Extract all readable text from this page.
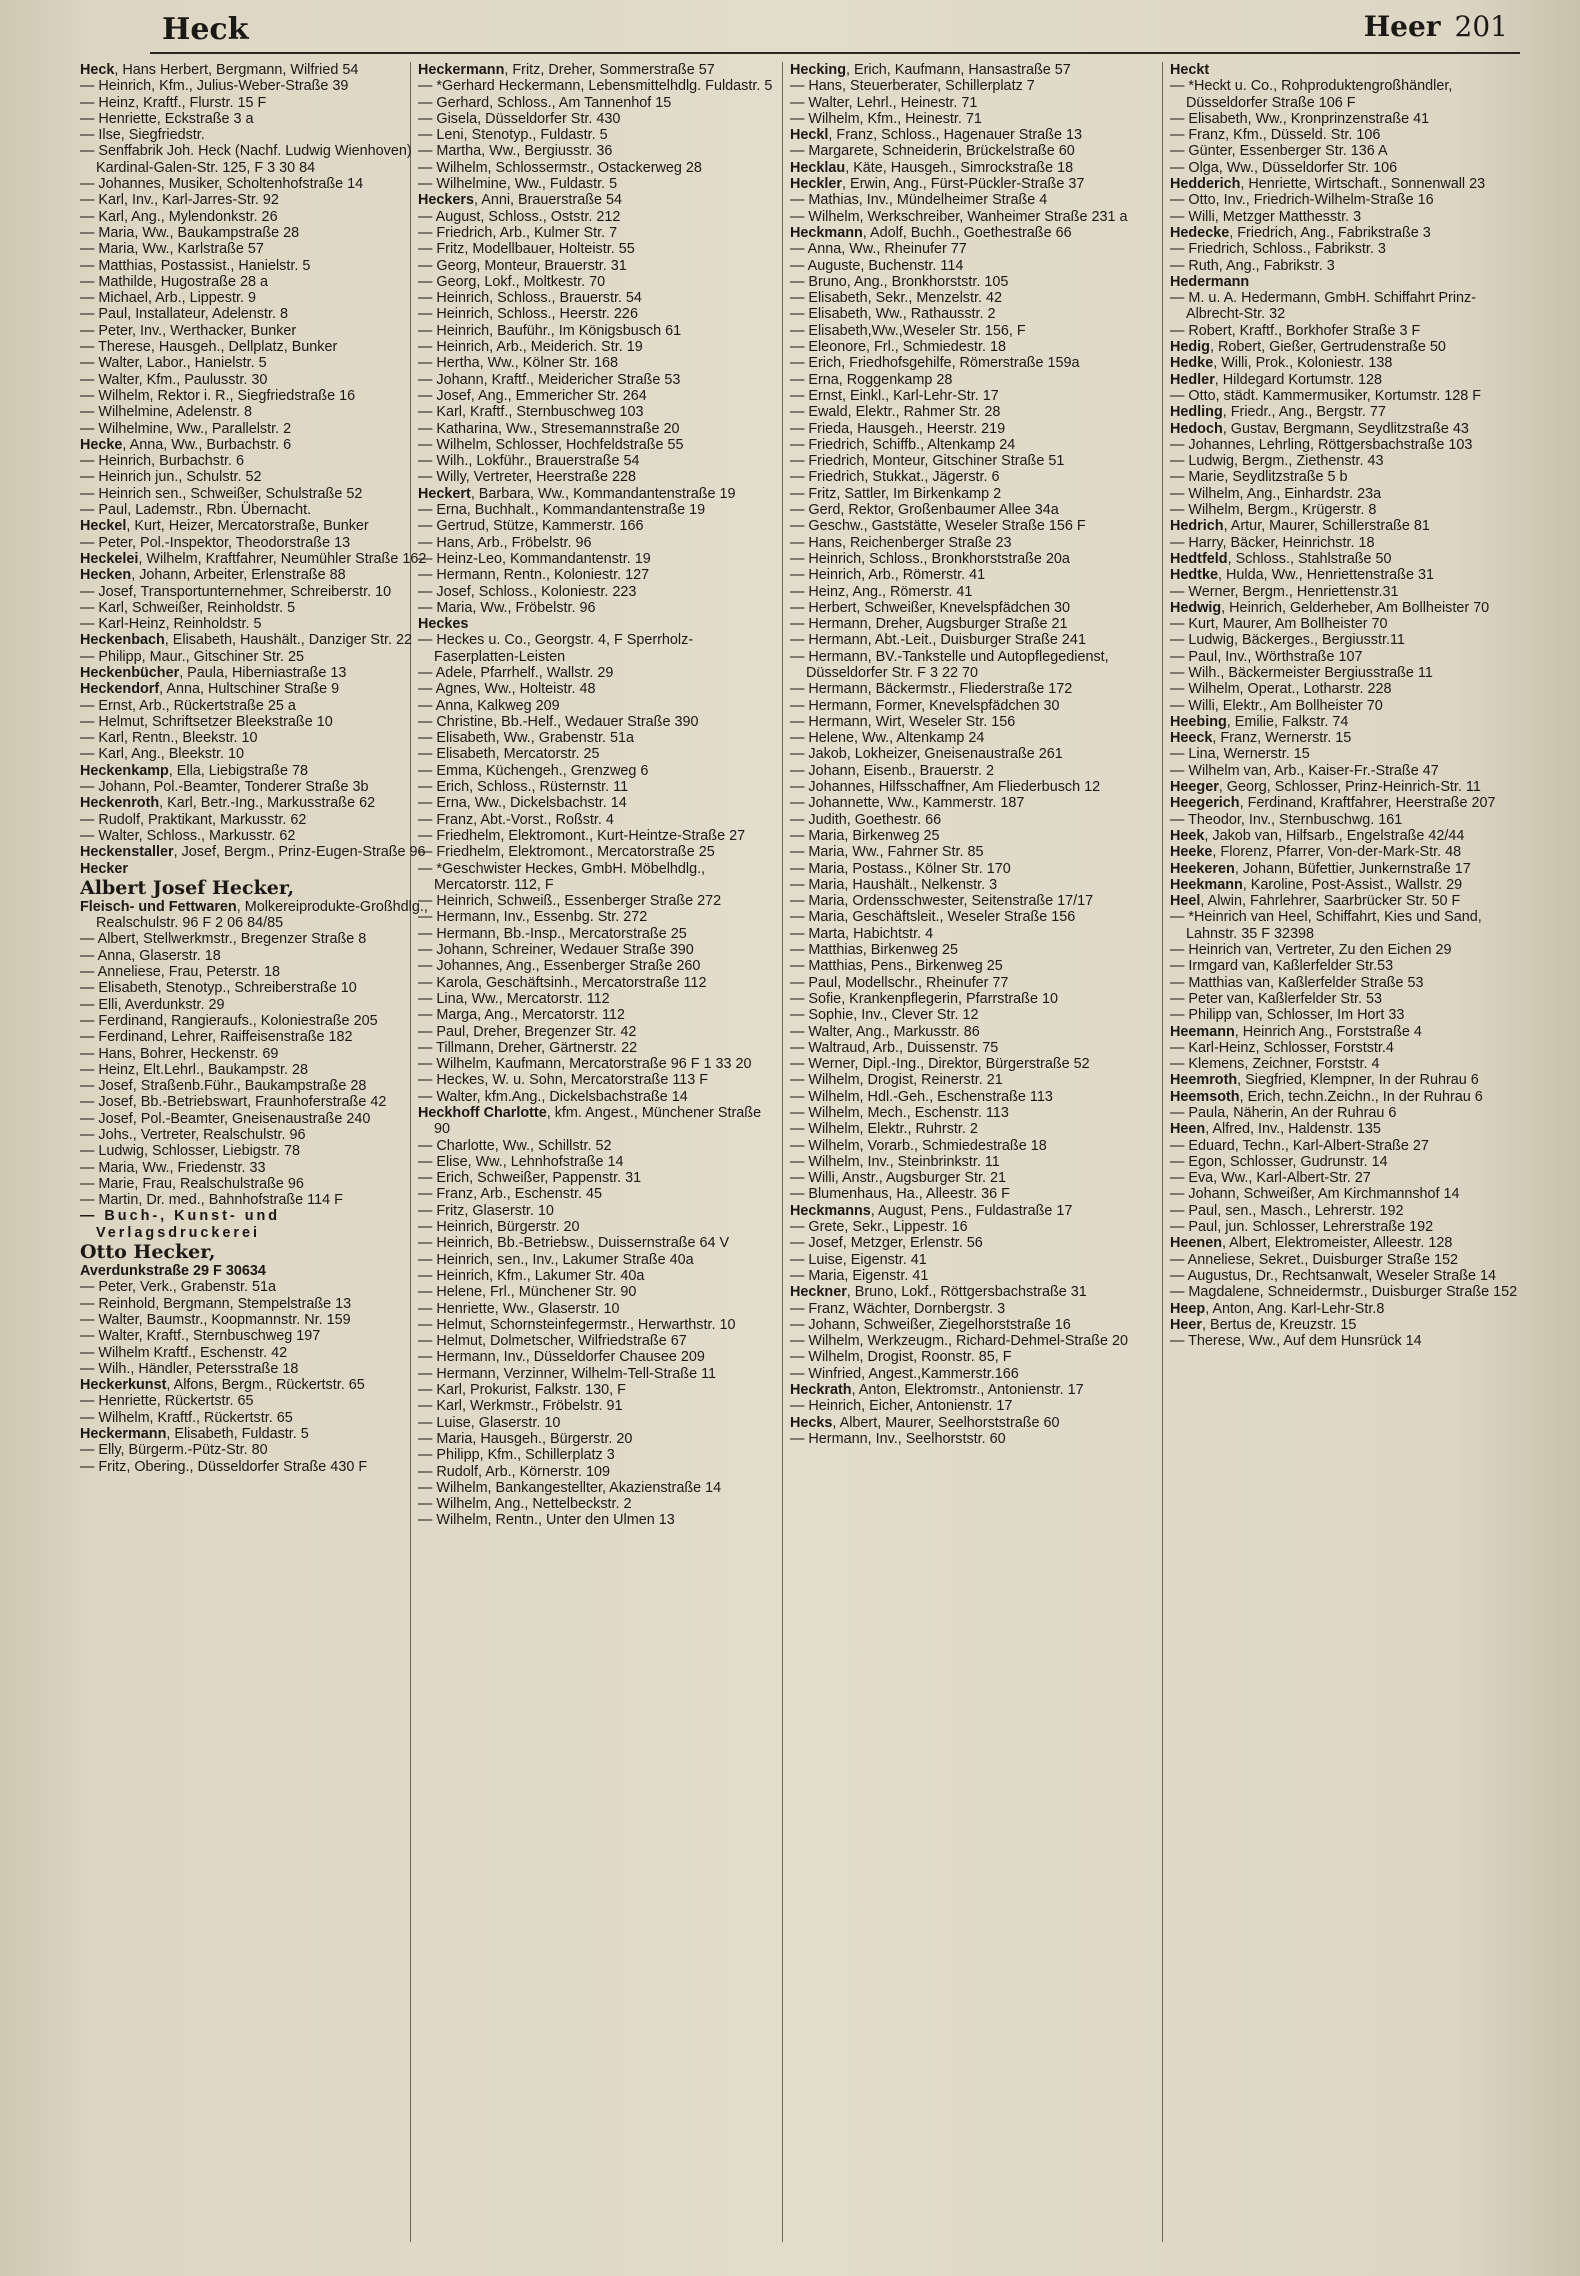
Heck	Heer 201

Heck, Hans Herbert, Bergmann, Wilfried 54

— Heinrich, Kfm., Julius-Weber-Straße 39

— Heinz, Kraftf., Flurstr. 15 F

— Henriette, Eckstraße 3 a

— Ilse, Siegfriedstr.

— Senffabrik Joh. Heck (Nachf. Ludwig Wienhoven) Kardinal-Galen-Str. 125, F 3 30 84

— Johannes, Musiker, Scholtenhofstraße 14

— Karl, Inv., Karl-Jarres-Str. 92

— Karl, Ang., Mylendonkstr. 26

— Maria, Ww., Baukampstraße 28

— Maria, Ww., Karlstraße 57

— Matthias, Postassist., Hanielstr. 5

— Mathilde, Hugostraße 28 a

— Michael, Arb., Lippestr. 9

— Paul, Installateur, Adelenstr. 8

— Peter, Inv., Werthacker, Bunker

— Therese, Hausgeh., Dellplatz, Bunker

— Walter, Labor., Hanielstr. 5

— Walter, Kfm., Paulusstr. 30

— Wilhelm, Rektor i. R., Siegfriedstraße 16

— Wilhelmine, Adelenstr. 8

— Wilhelmine, Ww., Parallelstr. 2

Hecke, Anna, Ww., Burbachstr. 6

— Heinrich, Burbachstr. 6

— Heinrich jun., Schulstr. 52

— Heinrich sen., Schweißer, Schulstraße 52

— Paul, Lademstr., Rbn. Übernacht.

Heckel, Kurt, Heizer, Mercatorstraße, Bunker

— Peter, Pol.-Inspektor, Theodorstraße 13

Heckelei, Wilhelm, Kraftfahrer, Neumühler Straße 162

Hecken, Johann, Arbeiter, Erlenstraße 88

— Josef, Transportunternehmer, Schreiberstr. 10

— Karl, Schweißer, Reinholdstr. 5

— Karl-Heinz, Reinholdstr. 5

Heckenbach, Elisabeth, Haushält., Danziger Str. 22

— Philipp, Maur., Gitschiner Str. 25

Heckenbücher, Paula, Hiberniastraße 13

Heckendorf, Anna, Hultschiner Straße 9

— Ernst, Arb., Rückertstraße 25 a

— Helmut, Schriftsetzer Bleekstraße 10

— Karl, Rentn., Bleekstr. 10

— Karl, Ang., Bleekstr. 10

Heckenkamp, Ella, Liebigstraße 78

— Johann, Pol.-Beamter, Tonderer Straße 3b

Heckenroth, Karl, Betr.-Ing., Markusstraße 62

— Rudolf, Praktikant, Markusstr. 62

— Walter, Schloss., Markusstr. 62

Heckenstaller, Josef, Bergm., Prinz-Eugen-Straße 96

Hecker

Albert Josef Hecker,

Fleisch- und Fettwaren, Molkereiprodukte-Großhdlg., Realschulstr. 96 F 2 06 84/85

— Albert, Stellwerkmstr., Bregenzer Straße 8

— Anna, Glaserstr. 18

— Anneliese, Frau, Peterstr. 18

— Elisabeth, Stenotyp., Schreiberstraße 10

— Elli, Averdunkstr. 29

— Ferdinand, Rangieraufs., Koloniestraße 205

— Ferdinand, Lehrer, Raiffeisenstraße 182

— Hans, Bohrer, Heckenstr. 69

— Heinz, Elt.Lehrl., Baukampstr. 28

— Josef, Straßenb.Führ., Baukampstraße 28

— Josef, Bb.-Betriebswart, Fraunhoferstraße 42

— Josef, Pol.-Beamter, Gneisenaustraße 240

— Johs., Vertreter, Realschulstr. 96

— Ludwig, Schlosser, Liebigstr. 78

— Maria, Ww., Friedenstr. 33

— Marie, Frau, Realschulstraße 96

— Martin, Dr. med., Bahnhofstraße 114 F

— Buch-, Kunst- und Verlagsdruckerei

Otto Hecker,

Averdunkstraße 29 F 30634

— Peter, Verk., Grabenstr. 51a

— Reinhold, Bergmann, Stempelstraße 13

— Walter, Baumstr., Koopmannstr. Nr. 159

— Walter, Kraftf., Sternbuschweg 197

— Wilhelm Kraftf., Eschenstr. 42

— Wilh., Händler, Petersstraße 18

Heckerkunst, Alfons, Bergm., Rückertstr. 65

— Henriette, Rückertstr. 65

— Wilhelm, Kraftf., Rückertstr. 65

Heckermann, Elisabeth, Fuldastr. 5

— Elly, Bürgerm.-Pütz-Str. 80

— Fritz, Obering., Düsseldorfer Straße 430 F

Heckermann, Fritz, Dreher, Sommerstraße 57

— *Gerhard Heckermann, Lebensmittelhdlg. Fuldastr. 5

— Gerhard, Schloss., Am Tannenhof 15

— Gisela, Düsseldorfer Str. 430

— Leni, Stenotyp., Fuldastr. 5

— Martha, Ww., Bergiusstr. 36

— Wilhelm, Schlossermstr., Ostackerweg 28

— Wilhelmine, Ww., Fuldastr. 5

Heckers, Anni, Brauerstraße 54

— August, Schloss., Oststr. 212

— Friedrich, Arb., Kulmer Str. 7

— Fritz, Modellbauer, Holteistr. 55

— Georg, Monteur, Brauerstr. 31

— Georg, Lokf., Moltkestr. 70

— Heinrich, Schloss., Brauerstr. 54

— Heinrich, Schloss., Heerstr. 226

— Heinrich, Bauführ., Im Königsbusch 61

— Heinrich, Arb., Meiderich. Str. 19

— Hertha, Ww., Kölner Str. 168

— Johann, Kraftf., Meidericher Straße 53

— Josef, Ang., Emmericher Str. 264

— Karl, Kraftf., Sternbuschweg 103

— Katharina, Ww., Stresemannstraße 20

— Wilhelm, Schlosser, Hochfeldstraße 55

— Wilh., Lokführ., Brauerstraße 54

— Willy, Vertreter, Heerstraße 228

Heckert, Barbara, Ww., Kommandantenstraße 19

— Erna, Buchhalt., Kommandantenstraße 19

— Gertrud, Stütze, Kammerstr. 166

— Hans, Arb., Fröbelstr. 96

— Heinz-Leo, Kommandantenstr. 19

— Hermann, Rentn., Koloniestr. 127

— Josef, Schloss., Koloniestr. 223

— Maria, Ww., Fröbelstr. 96

Heckes

— Heckes u. Co., Georgstr. 4, F Sperrholz-Faserplatten-Leisten

— Adele, Pfarrhelf., Wallstr. 29

— Agnes, Ww., Holteistr. 48

— Anna, Kalkweg 209

— Christine, Bb.-Helf., Wedauer Straße 390

— Elisabeth, Ww., Grabenstr. 51a

— Elisabeth, Mercatorstr. 25

— Emma, Küchengeh., Grenzweg 6

— Erich, Schloss., Rüsternstr. 11

— Erna, Ww., Dickelsbachstr. 14

— Franz, Abt.-Vorst., Roßstr. 4

— Friedhelm, Elektromont., Kurt-Heintze-Straße 27

— Friedhelm, Elektromont., Mercatorstraße 25

— *Geschwister Heckes, GmbH. Möbelhdlg., Mercatorstr. 112, F

— Heinrich, Schweiß., Essenberger Straße 272

— Hermann, Inv., Essenbg. Str. 272

— Hermann, Bb.-Insp., Mercatorstraße 25

— Johann, Schreiner, Wedauer Straße 390

— Johannes, Ang., Essenberger Straße 260

— Karola, Geschäftsinh., Mercatorstraße 112

— Lina, Ww., Mercatorstr. 112

— Marga, Ang., Mercatorstr. 112

— Paul, Dreher, Bregenzer Str. 42

— Tillmann, Dreher, Gärtnerstr. 22

— Wilhelm, Kaufmann, Mercatorstraße 96 F 1 33 20

— Heckes, W. u. Sohn, Mercatorstraße 113 F

— Walter, kfm.Ang., Dickelsbachstraße 14

Heckhoff Charlotte, kfm. Angest., Münchener Straße 90

— Charlotte, Ww., Schillstr. 52

— Elise, Ww., Lehnhofstraße 14

— Erich, Schweißer, Pappenstr. 31

— Franz, Arb., Eschenstr. 45

— Fritz, Glaserstr. 10

— Heinrich, Bürgerstr. 20

— Heinrich, Bb.-Betriebsw., Duissernstraße 64 V

— Heinrich, sen., Inv., Lakumer Straße 40a

— Heinrich, Kfm., Lakumer Str. 40a

— Helene, Frl., Münchener Str. 90

— Henriette, Ww., Glaserstr. 10

— Helmut, Schornsteinfegermstr., Herwarthstr. 10

— Helmut, Dolmetscher, Wilfriedstraße 67

— Hermann, Inv., Düsseldorfer Chausee 209

— Hermann, Verzinner, Wilhelm-Tell-Straße 11

— Karl, Prokurist, Falkstr. 130, F

— Karl, Werkmstr., Fröbelstr. 91

— Luise, Glaserstr. 10

— Maria, Hausgeh., Bürgerstr. 20

— Philipp, Kfm., Schillerplatz 3

— Rudolf, Arb., Körnerstr. 109

— Wilhelm, Bankangestellter, Akazienstraße 14

— Wilhelm, Ang., Nettelbeckstr. 2

— Wilhelm, Rentn., Unter den Ulmen 13

Hecking, Erich, Kaufmann, Hansastraße 57

— Hans, Steuerberater, Schillerplatz 7

— Walter, Lehrl., Heinestr. 71

— Wilhelm, Kfm., Heinestr. 71

Heckl, Franz, Schloss., Hagenauer Straße 13

— Margarete, Schneiderin, Brückelstraße 60

Hecklau, Käte, Hausgeh., Simrockstraße 18

Heckler, Erwin, Ang., Fürst-Pückler-Straße 37

— Mathias, Inv., Mündelheimer Straße 4

— Wilhelm, Werkschreiber, Wanheimer Straße 231 a

Heckmann, Adolf, Buchh., Goethestraße 66

— Anna, Ww., Rheinufer 77

— Auguste, Buchenstr. 114

— Bruno, Ang., Bronkhorststr. 105

— Elisabeth, Sekr., Menzelstr. 42

— Elisabeth, Ww., Rathausstr. 2

— Elisabeth,Ww.,Weseler Str. 156, F

— Eleonore, Frl., Schmiedestr. 18

— Erich, Friedhofsgehilfe, Römerstraße 159a

— Erna, Roggenkamp 28

— Ernst, Einkl., Karl-Lehr-Str. 17

— Ewald, Elektr., Rahmer Str. 28

— Frieda, Hausgeh., Heerstr. 219

— Friedrich, Schiffb., Altenkamp 24

— Friedrich, Monteur, Gitschiner Straße 51

— Friedrich, Stukkat., Jägerstr. 6

— Fritz, Sattler, Im Birkenkamp 2

— Gerd, Rektor, Großenbaumer Allee 34a

— Geschw., Gaststätte, Weseler Straße 156 F

— Hans, Reichenberger Straße 23

— Heinrich, Schloss., Bronkhorststraße 20a

— Heinrich, Arb., Römerstr. 41

— Heinz, Ang., Römerstr. 41

— Herbert, Schweißer, Knevelspfädchen 30

— Hermann, Dreher, Augsburger Straße 21

— Hermann, Abt.-Leit., Duisburger Straße 241

— Hermann, BV.-Tankstelle und Autopflegedienst, Düsseldorfer Str. F 3 22 70

— Hermann, Bäckermstr., Fliederstraße 172

— Hermann, Former, Knevelspfädchen 30

— Hermann, Wirt, Weseler Str. 156

— Helene, Ww., Altenkamp 24

— Jakob, Lokheizer, Gneisenaustraße 261

— Johann, Eisenb., Brauerstr. 2

— Johannes, Hilfsschaffner, Am Fliederbusch 12

— Johannette, Ww., Kammerstr. 187

— Judith, Goethestr. 66

— Maria, Birkenweg 25

— Maria, Ww., Fahrner Str. 85

— Maria, Postass., Kölner Str. 170

— Maria, Haushält., Nelkenstr. 3

— Maria, Ordensschwester, Seitenstraße 17/17

— Maria, Geschäftsleit., Weseler Straße 156

— Marta, Habichtstr. 4

— Matthias, Birkenweg 25

— Matthias, Pens., Birkenweg 25

— Paul, Modellschr., Rheinufer 77

— Sofie, Krankenpflegerin, Pfarrstraße 10

— Sophie, Inv., Clever Str. 12

— Walter, Ang., Markusstr. 86

— Waltraud, Arb., Duissenstr. 75

— Werner, Dipl.-Ing., Direktor, Bürgerstraße 52

— Wilhelm, Drogist, Reinerstr. 21

— Wilhelm, Hdl.-Geh., Eschenstraße 113

— Wilhelm, Mech., Eschenstr. 113

— Wilhelm, Elektr., Ruhrstr. 2

— Wilhelm, Vorarb., Schmiedestraße 18

— Wilhelm, Inv., Steinbrinkstr. 11

— Willi, Anstr., Augsburger Str. 21

— Blumenhaus, Ha., Alleestr. 36 F

Heckmanns, August, Pens., Fuldastraße 17

— Grete, Sekr., Lippestr. 16

— Josef, Metzger, Erlenstr. 56

— Luise, Eigenstr. 41

— Maria, Eigenstr. 41

Heckner, Bruno, Lokf., Röttgersbachstraße 31

— Franz, Wächter, Dornbergstr. 3

— Johann, Schweißer, Ziegelhorststraße 16

— Wilhelm, Werkzeugm., Richard-Dehmel-Straße 20

— Wilhelm, Drogist, Roonstr. 85, F

— Winfried, Angest.,Kammerstr.166

Heckrath, Anton, Elektromstr., Antonienstr. 17

— Heinrich, Eicher, Antonienstr. 17

Hecks, Albert, Maurer, Seelhorststraße 60

— Hermann, Inv., Seelhorststr. 60

Heckt

— *Heckt u. Co., Rohproduktengroßhändler, Düsseldorfer Straße 106 F

— Elisabeth, Ww., Kronprinzenstraße 41

— Franz, Kfm., Düsseld. Str. 106

— Günter, Essenberger Str. 136 A

— Olga, Ww., Düsseldorfer Str. 106

Hedderich, Henriette, Wirtschaft., Sonnenwall 23

— Otto, Inv., Friedrich-Wilhelm-Straße 16

— Willi, Metzger Matthesstr. 3

Hedecke, Friedrich, Ang., Fabrikstraße 3

— Friedrich, Schloss., Fabrikstr. 3

— Ruth, Ang., Fabrikstr. 3

Hedermann

— M. u. A. Hedermann, GmbH. Schiffahrt Prinz-Albrecht-Str. 32

— Robert, Kraftf., Borkhofer Straße 3 F

Hedig, Robert, Gießer, Gertrudenstraße 50

Hedke, Willi, Prok., Koloniestr. 138

Hedler, Hildegard Kortumstr. 128

— Otto, städt. Kammermusiker, Kortumstr. 128 F

Hedling, Friedr., Ang., Bergstr. 77

Hedoch, Gustav, Bergmann, Seydlitzstraße 43

— Johannes, Lehrling, Röttgersbachstraße 103

— Ludwig, Bergm., Ziethenstr. 43

— Marie, Seydlitzstraße 5 b

— Wilhelm, Ang., Einhardstr. 23a

— Wilhelm, Bergm., Krügerstr. 8

Hedrich, Artur, Maurer, Schillerstraße 81

— Harry, Bäcker, Heinrichstr. 18

Hedtfeld, Schloss., Stahlstraße 50

Hedtke, Hulda, Ww., Henriettenstraße 31

— Werner, Bergm., Henriettenstr.31

Hedwig, Heinrich, Gelderheber, Am Bollheister 70

— Kurt, Maurer, Am Bollheister 70

— Ludwig, Bäckerges., Bergiusstr.11

— Paul, Inv., Wörthstraße 107

— Wilh., Bäckermeister Bergiusstraße 11

— Wilhelm, Operat., Lotharstr. 228

— Willi, Elektr., Am Bollheister 70

Heebing, Emilie, Falkstr. 74

Heeck, Franz, Wernerstr. 15

— Lina, Wernerstr. 15

— Wilhelm van, Arb., Kaiser-Fr.-Straße 47

Heeger, Georg, Schlosser, Prinz-Heinrich-Str. 11

Heegerich, Ferdinand, Kraftfahrer, Heerstraße 207

— Theodor, Inv., Sternbuschwg. 161

Heek, Jakob van, Hilfsarb., Engelstraße 42/44

Heeke, Florenz, Pfarrer, Von-der-Mark-Str. 48

Heekeren, Johann, Büfettier, Junkernstraße 17

Heekmann, Karoline, Post-Assist., Wallstr. 29

Heel, Alwin, Fahrlehrer, Saarbrücker Str. 50 F

— *Heinrich van Heel, Schiffahrt, Kies und Sand, Lahnstr. 35 F 32398

— Heinrich van, Vertreter, Zu den Eichen 29

— Irmgard van, Kaßlerfelder Str.53

— Matthias van, Kaßlerfelder Straße 53

— Peter van, Kaßlerfelder Str. 53

— Philipp van, Schlosser, Im Hort 33

Heemann, Heinrich Ang., Forststraße 4

— Karl-Heinz, Schlosser, Forststr.4

— Klemens, Zeichner, Forststr. 4

Heemroth, Siegfried, Klempner, In der Ruhrau 6

Heemsoth, Erich, techn.Zeichn., In der Ruhrau 6

— Paula, Näherin, An der Ruhrau 6

Heen, Alfred, Inv., Haldenstr. 135

— Eduard, Techn., Karl-Albert-Straße 27

— Egon, Schlosser, Gudrunstr. 14

— Eva, Ww., Karl-Albert-Str. 27

— Johann, Schweißer, Am Kirchmannshof 14

— Paul, sen., Masch., Lehrerstr. 192

— Paul, jun. Schlosser, Lehrerstraße 192

Heenen, Albert, Elektromeister, Alleestr. 128

— Anneliese, Sekret., Duisburger Straße 152

— Augustus, Dr., Rechtsanwalt, Weseler Straße 14

— Magdalene, Schneidermstr., Duisburger Straße 152

Heep, Anton, Ang. Karl-Lehr-Str.8

Heer, Bertus de, Kreuzstr. 15

— Therese, Ww., Auf dem Hunsrück 14
